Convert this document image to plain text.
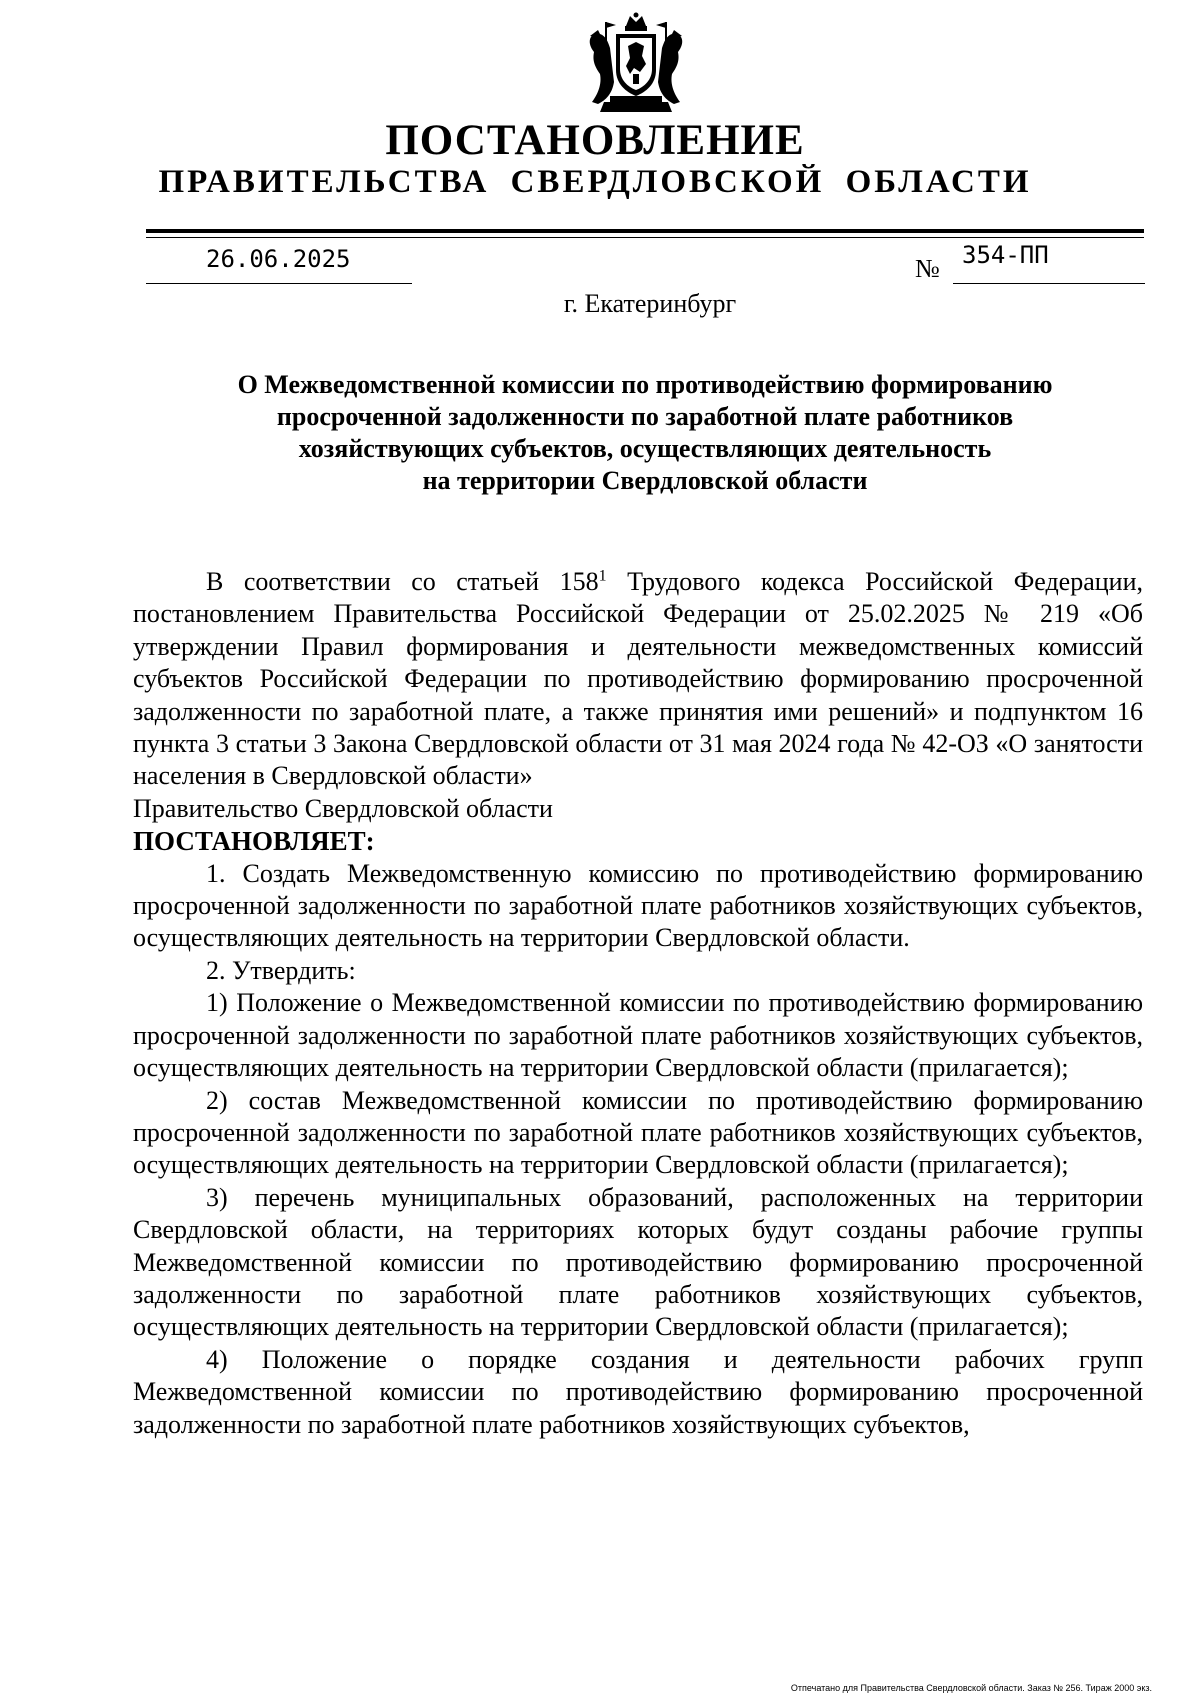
ПОСТАНОВЛЕНИЕ
ПРАВИТЕЛЬСТВА СВЕРДЛОВСКОЙ ОБЛАСТИ
26.06.2025	№ 354-ПП
г. Екатеринбург
О Межведомственной комиссии по противодействию формированию
просроченной задолженности по заработной плате работников
хозяйствующих субъектов, осуществляющих деятельность
на территории Свердловской области

В соответствии со статьей $158^1$ Трудового кодекса Российской Федерации, постановлением Правительства Российской Федерации от 25.02.2025 № 219 «Об утверждении Правил формирования и деятельности межведомственных комиссий субъектов Российской Федерации по противодействию формированию просроченной задолженности по заработной плате, а также принятия ими решений» и подпунктом 16 пункта 3 статьи 3 Закона Свердловской области от 31 мая 2024 года № 42-ОЗ «О занятости населения в Свердловской области»

Правительство Свердловской области

ПОСТАНОВЛЯЕТ:

1. Создать Межведомственную комиссию по противодействию формированию просроченной задолженности по заработной плате работников хозяйствующих субъектов, осуществляющих деятельность на территории Свердловской области.

2. Утвердить:

1) Положение о Межведомственной комиссии по противодействию формированию просроченной задолженности по заработной плате работников хозяйствующих субъектов, осуществляющих деятельность на территории Свердловской области (прилагается);

2) состав Межведомственной комиссии по противодействию формированию просроченной задолженности по заработной плате работников хозяйствующих субъектов, осуществляющих деятельность на территории Свердловской области (прилагается);

3) перечень муниципальных образований, расположенных на территории Свердловской области, на территориях которых будут созданы рабочие группы Межведомственной комиссии по противодействию формированию просроченной задолженности по заработной плате работников хозяйствующих субъектов, осуществляющих деятельность на территории Свердловской области (прилагается);

4) Положение о порядке создания и деятельности рабочих групп Межведомственной комиссии по противодействию формированию просроченной задолженности по заработной плате работников хозяйствующих субъектов,

Отпечатано для Правительства Свердловской области. Заказ № 256. Тираж 2000 экз.
